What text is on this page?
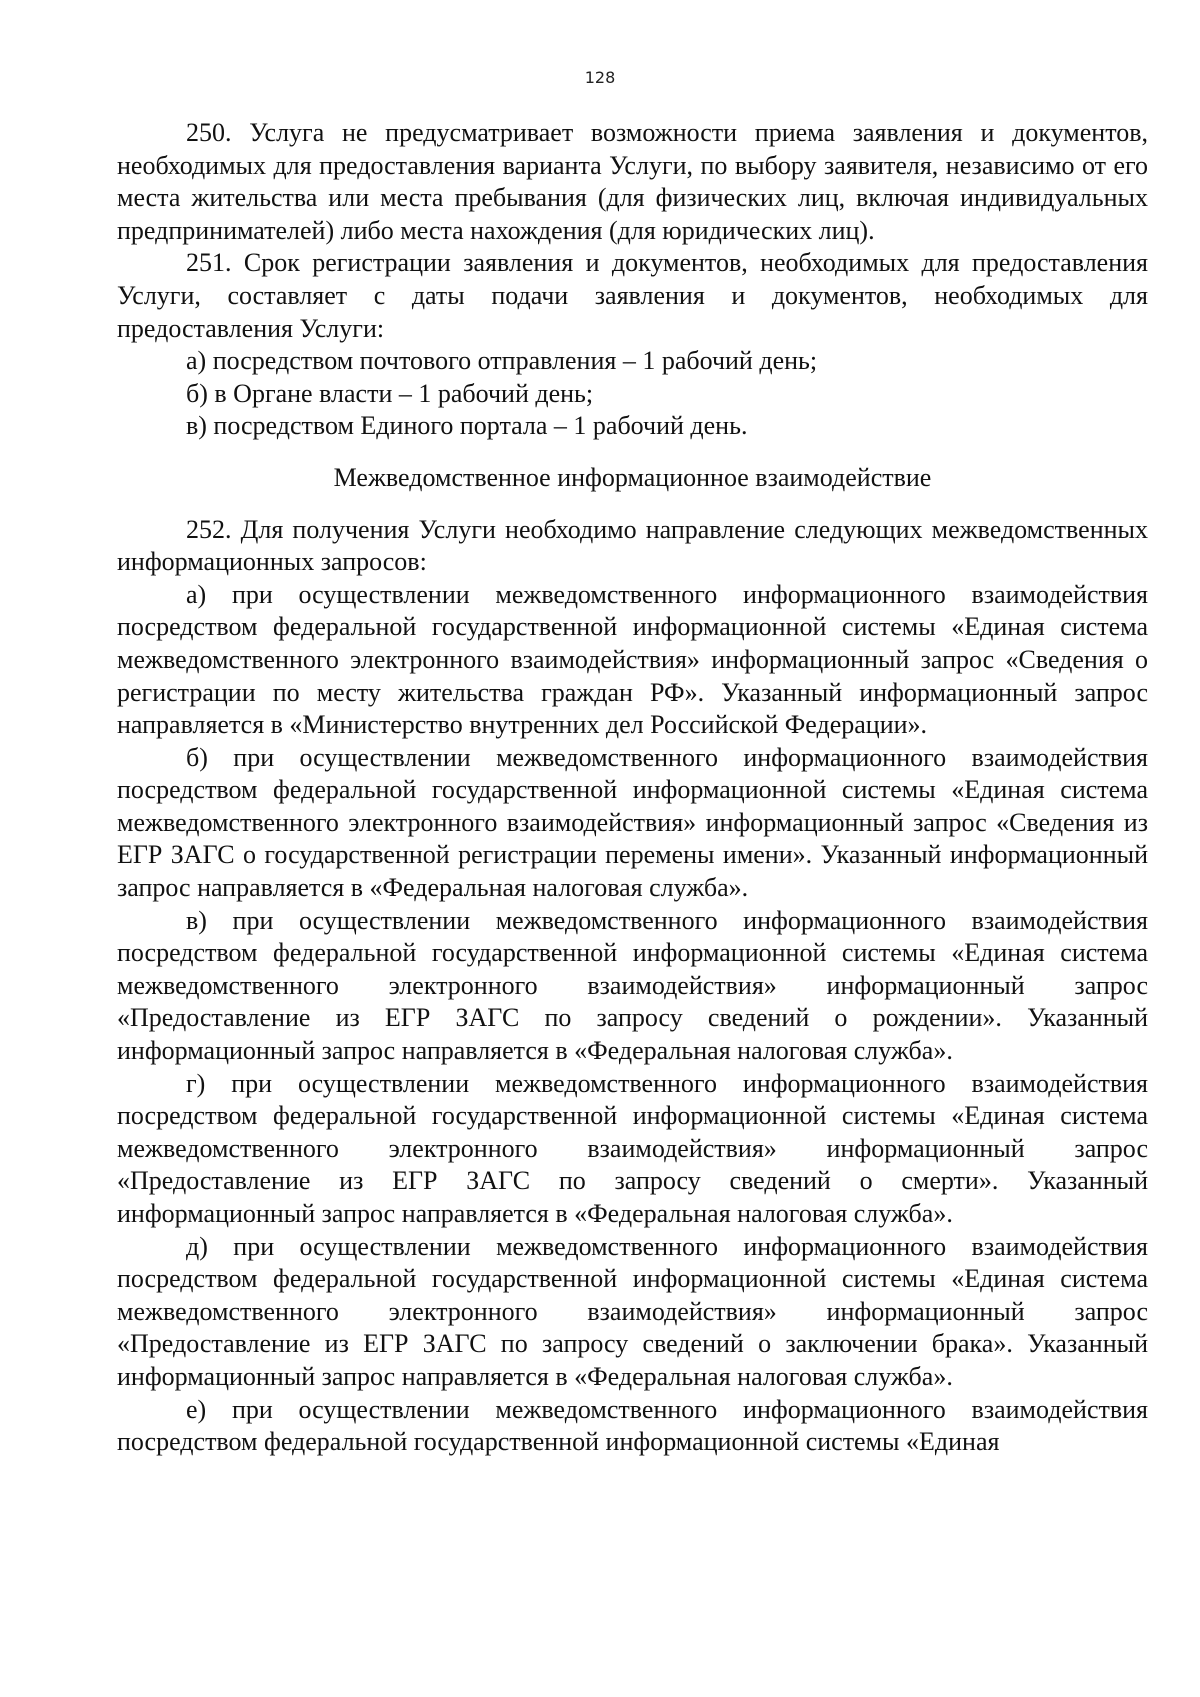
128

250. Услуга не предусматривает возможности приема заявления и документов, необходимых для предоставления варианта Услуги, по выбору заявителя, независимо от его места жительства или места пребывания (для физических лиц, включая индивидуальных предпринимателей) либо места нахождения (для юридических лиц).

251. Срок регистрации заявления и документов, необходимых для предоставления Услуги, составляет с даты подачи заявления и документов, необходимых для предоставления Услуги:

а) посредством почтового отправления – 1 рабочий день;

б) в Органе власти – 1 рабочий день;

в) посредством Единого портала – 1 рабочий день.

Межведомственное информационное взаимодействие

252. Для получения Услуги необходимо направление следующих межведомственных информационных запросов:

а) при осуществлении межведомственного информационного взаимодействия посредством федеральной государственной информационной системы «Единая система межведомственного электронного взаимодействия» информационный запрос «Сведения о регистрации по месту жительства граждан РФ». Указанный информационный запрос направляется в «Министерство внутренних дел Российской Федерации».

б) при осуществлении межведомственного информационного взаимодействия посредством федеральной государственной информационной системы «Единая система межведомственного электронного взаимодействия» информационный запрос «Сведения из ЕГР ЗАГС о государственной регистрации перемены имени». Указанный информационный запрос направляется в «Федеральная налоговая служба».

в) при осуществлении межведомственного информационного взаимодействия посредством федеральной государственной информационной системы «Единая система межведомственного электронного взаимодействия» информационный запрос «Предоставление из ЕГР ЗАГС по запросу сведений о рождении». Указанный информационный запрос направляется в «Федеральная налоговая служба».

г) при осуществлении межведомственного информационного взаимодействия посредством федеральной государственной информационной системы «Единая система межведомственного электронного взаимодействия» информационный запрос «Предоставление из ЕГР ЗАГС по запросу сведений о смерти». Указанный информационный запрос направляется в «Федеральная налоговая служба».

д) при осуществлении межведомственного информационного взаимодействия посредством федеральной государственной информационной системы «Единая система межведомственного электронного взаимодействия» информационный запрос «Предоставление из ЕГР ЗАГС по запросу сведений о заключении брака». Указанный информационный запрос направляется в «Федеральная налоговая служба».

е) при осуществлении межведомственного информационного взаимодействия посредством федеральной государственной информационной системы «Единая
